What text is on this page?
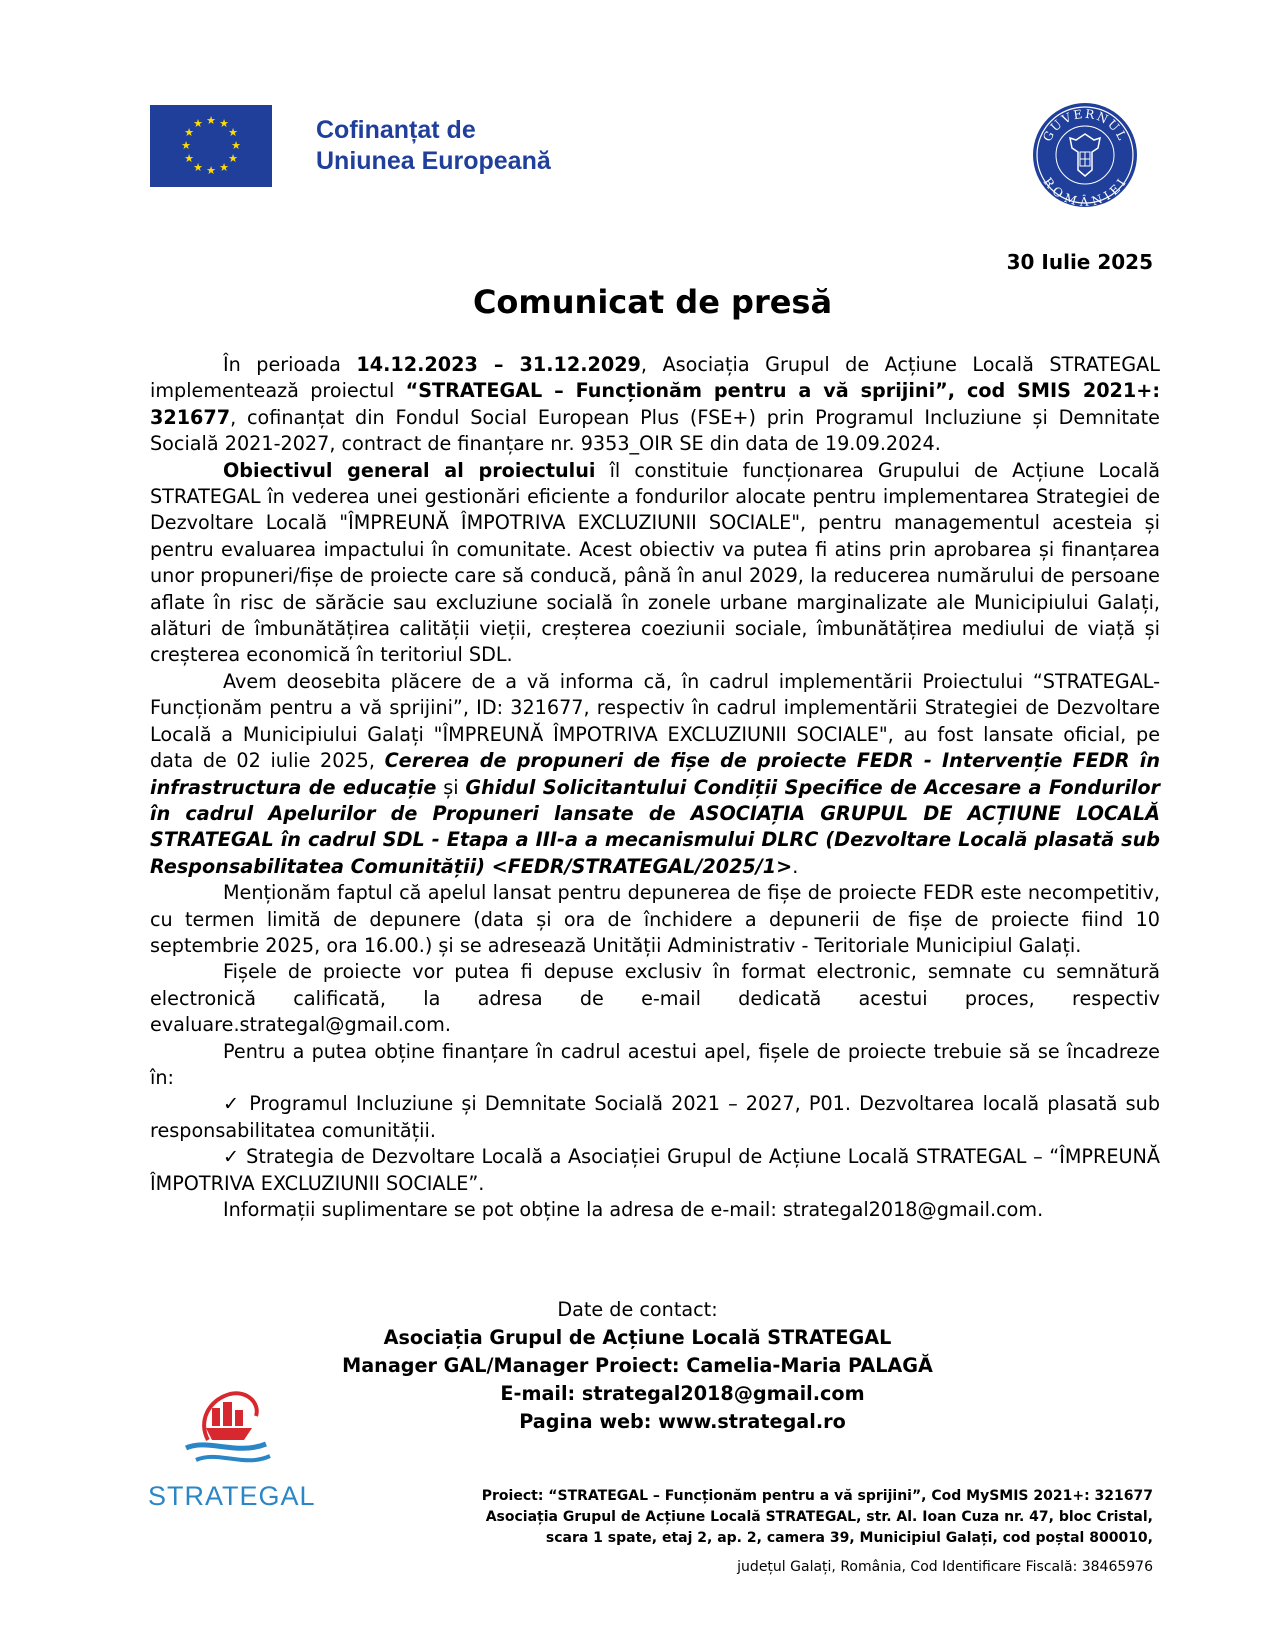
★ ★
★
★
★
★
★
★
★
★
★
★	Cofinanțat de
Uniunea Europeană
GUVERNUL
ROMÂNIEI
30 Iulie 2025
Comunicat de presă

În perioada 14.12.2023 – 31.12.2029, Asociația Grupul de Acțiune Locală STRATEGAL implementează proiectul “STRATEGAL – Funcționăm pentru a vă sprijini”, cod SMIS 2021+: 321677, cofinanțat din Fondul Social European Plus (FSE+) prin Programul Incluziune și Demnitate Socială 2021-2027, contract de finanțare nr. 9353_OIR SE din data de 19.09.2024.

Obiectivul general al proiectului îl constituie funcționarea Grupului de Acțiune Locală STRATEGAL în vederea unei gestionări eficiente a fondurilor alocate pentru implementarea Strategiei de Dezvoltare Locală "ÎMPREUNĂ ÎMPOTRIVA EXCLUZIUNII SOCIALE", pentru managementul acesteia și pentru evaluarea impactului în comunitate. Acest obiectiv va putea fi atins prin aprobarea și finanțarea unor propuneri/fișe de proiecte care să conducă, până în anul 2029, la reducerea numărului de persoane aflate în risc de sărăcie sau excluziune socială în zonele urbane marginalizate ale Municipiului Galați, alături de îmbunătățirea calității vieții, creșterea coeziunii sociale, îmbunătățirea mediului de viață și creșterea economică în teritoriul SDL.

Avem deosebita plăcere de a vă informa că, în cadrul implementării Proiectului “STRATEGAL-Funcționăm pentru a vă sprijini”, ID: 321677, respectiv în cadrul implementării Strategiei de Dezvoltare Locală a Municipiului Galați "ÎMPREUNĂ ÎMPOTRIVA EXCLUZIUNII SOCIALE", au fost lansate oficial, pe data de 02 iulie 2025, Cererea de propuneri de fișe de proiecte FEDR - Intervenție FEDR în infrastructura de educație și Ghidul Solicitantului Condiții Specifice de Accesare a Fondurilor în cadrul Apelurilor de Propuneri lansate de ASOCIAȚIA GRUPUL DE ACȚIUNE LOCALĂ STRATEGAL în cadrul SDL - Etapa a III-a a mecanismului DLRC (Dezvoltare Locală plasată sub Responsabilitatea Comunității) <FEDR/STRATEGAL/2025/1>.

Menționăm faptul că apelul lansat pentru depunerea de fișe de proiecte FEDR este necompetitiv, cu termen limită de depunere (data și ora de închidere a depunerii de fișe de proiecte fiind 10 septembrie 2025, ora 16.00.) și se adresează Unității Administrativ - Teritoriale Municipiul Galați.

Fișele de proiecte vor putea fi depuse exclusiv în format electronic, semnate cu semnătură electronică calificată, la adresa de e-mail dedicată acestui proces, respectiv evaluare.strategal@gmail.com.

Pentru a putea obține finanțare în cadrul acestui apel, fișele de proiecte trebuie să se încadreze în:

✓ Programul Incluziune și Demnitate Socială 2021 – 2027, P01. Dezvoltarea locală plasată sub responsabilitatea comunității.

✓ Strategia de Dezvoltare Locală a Asociației Grupul de Acțiune Locală STRATEGAL – “ÎMPREUNĂ ÎMPOTRIVA EXCLUZIUNII SOCIALE”.

Informații suplimentare se pot obține la adresa de e-mail: strategal2018@gmail.com.

Date de contact:
Asociația Grupul de Acțiune Locală STRATEGAL
Manager GAL/Manager Proiect: Camelia-Maria PALAGĂ
E-mail: strategal2018@gmail.com
Pagina web: www.strategal.ro
STRATEGAL	Proiect: “STRATEGAL – Funcționăm pentru a vă sprijini”, Cod MySMIS 2021+: 321677
Asociația Grupul de Acțiune Locală STRATEGAL, str. Al. Ioan Cuza nr. 47, bloc Cristal,
scara 1 spate, etaj 2, ap. 2, camera 39, Municipiul Galați, cod poștal 800010,
județul Galați, România, Cod Identificare Fiscală: 38465976
